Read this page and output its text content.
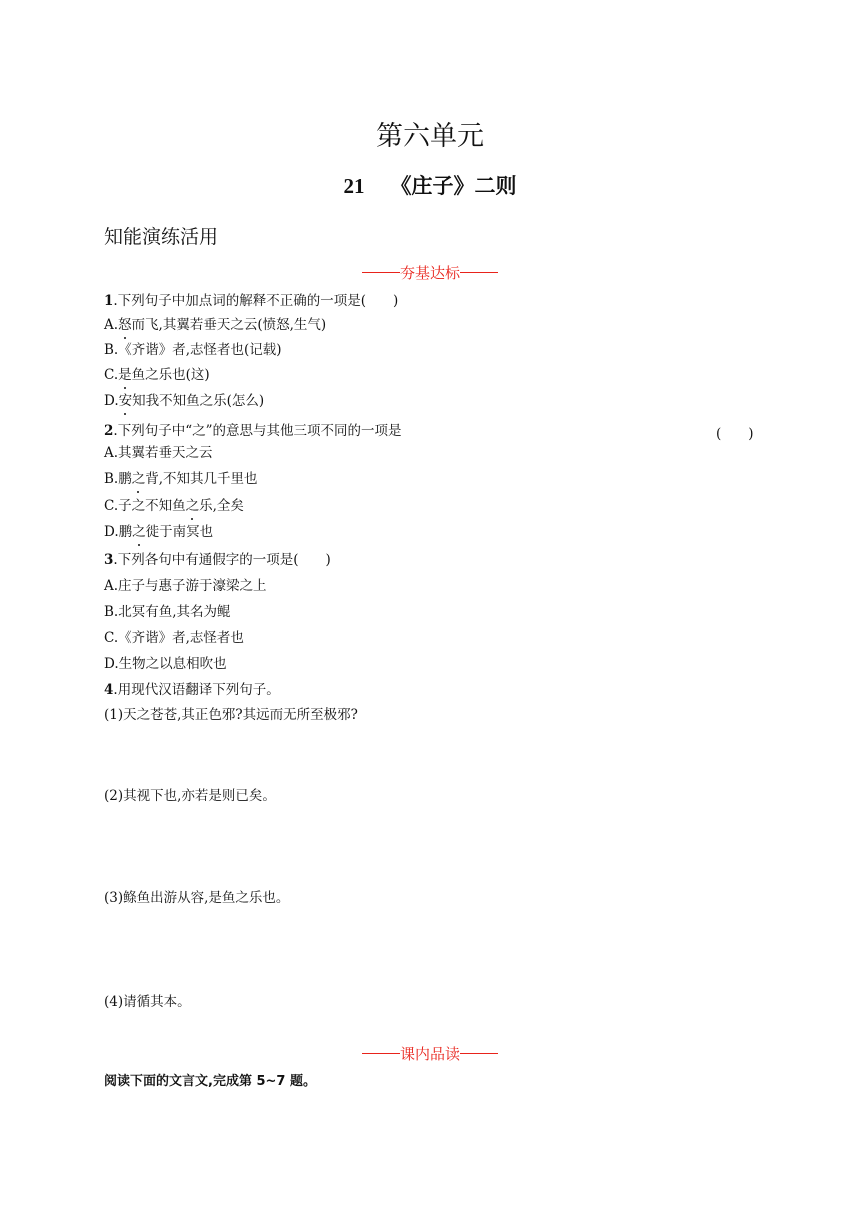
第六单元
21 《庄子》二则
知能演练活用
夯基达标
1.下列句子中加点词的解释不正确的一项是(　　)
A.怒而飞,其翼若垂天之云(愤怒,生气)
B.《齐谐》者,志怪者也(记载)
C.是鱼之乐也(这)
D.安知我不知鱼之乐(怎么)
2.下列句子中“之”的意思与其他三项不同的一项是	(　　)
A.其翼若垂天之云
B.鹏之背,不知其几千里也
C.子之不知鱼之乐,全矣
D.鹏之徙于南冥也
3.下列各句中有通假字的一项是(　　)
A.庄子与惠子游于濠梁之上
B.北冥有鱼,其名为鲲
C.《齐谐》者,志怪者也
D.生物之以息相吹也
4.用现代汉语翻译下列句子。
(1)天之苍苍,其正色邪?其远而无所至极邪?
(2)其视下也,亦若是则已矣。
(3)鲦鱼出游从容,是鱼之乐也。
(4)请循其本。
课内品读
阅读下面的文言文,完成第 5~7 题。
